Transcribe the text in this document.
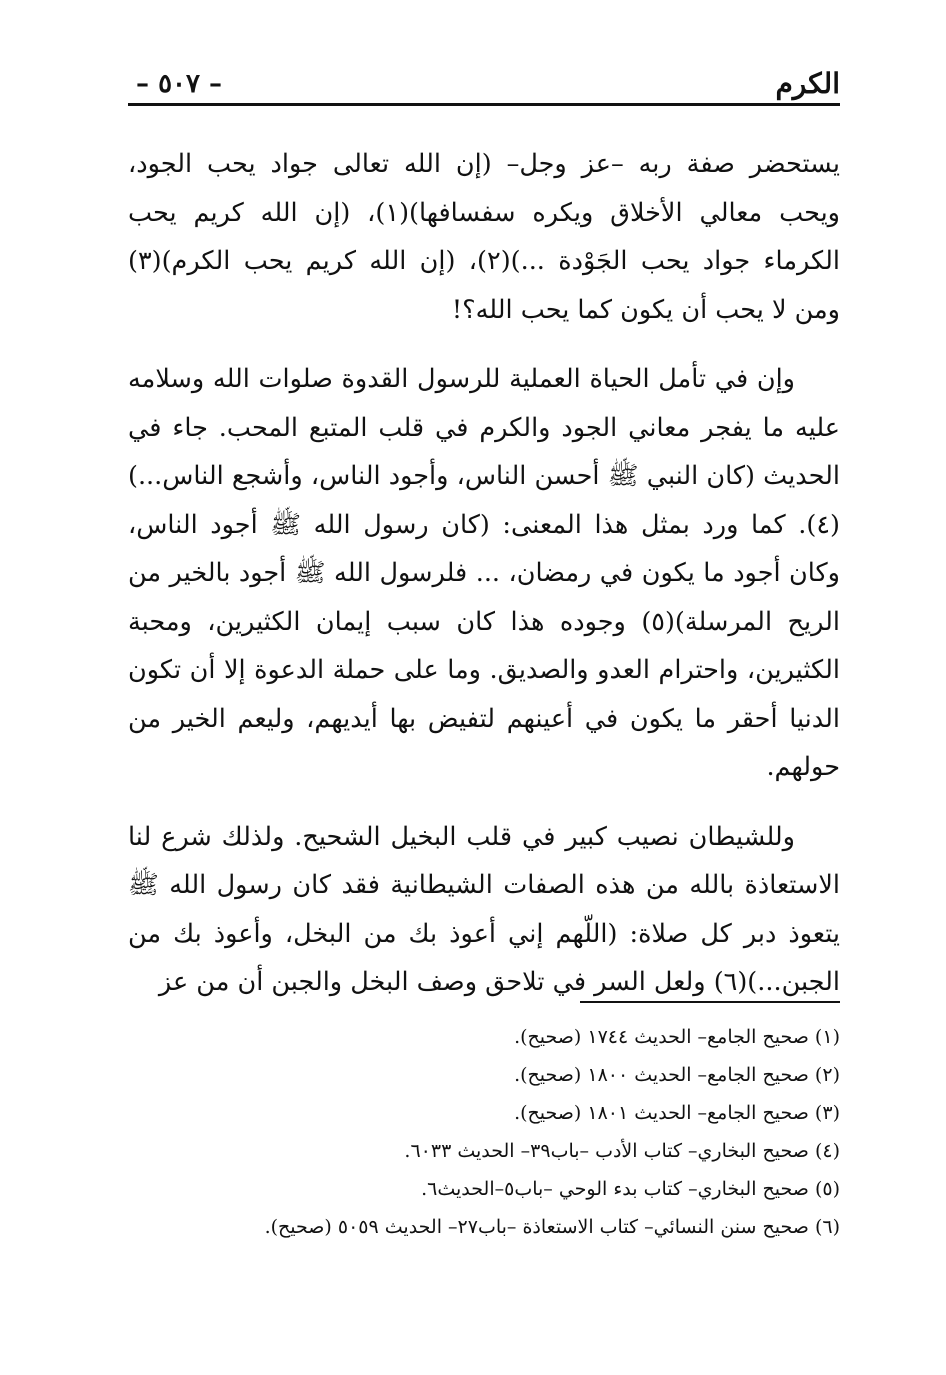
الكرم
– ٥٠٧ –

يستحضر صفة ربه –عز وجل– (إن الله تعالى جواد يحب الجود، ويحب معالي الأخلاق ويكره سفسافها)(١)، (إن الله كريم يحب الكرماء جواد يحب الجَوْدة ...)(٢)، (إن الله كريم يحب الكرم)(٣) ومن لا يحب أن يكون كما يحب الله؟!

وإن في تأمل الحياة العملية للرسول القدوة صلوات الله وسلامه عليه ما يفجر معاني الجود والكرم في قلب المتبع المحب. جاء في الحديث (كان النبي ﷺ أحسن الناس، وأجود الناس، وأشجع الناس...)(٤). كما ورد بمثل هذا المعنى: (كان رسول الله ﷺ أجود الناس، وكان أجود ما يكون في رمضان، ... فلرسول الله ﷺ أجود بالخير من الريح المرسلة)(٥) وجوده هذا كان سبب إيمان الكثيرين، ومحبة الكثيرين، واحترام العدو والصديق. وما على حملة الدعوة إلا أن تكون الدنيا أحقر ما يكون في أعينهم لتفيض بها أيديهم، وليعم الخير من حولهم.

وللشيطان نصيب كبير في قلب البخيل الشحيح. ولذلك شرع لنا الاستعاذة بالله من هذه الصفات الشيطانية فقد كان رسول الله ﷺ يتعوذ دبر كل صلاة: (اللّهم إني أعوذ بك من البخل، وأعوذ بك من الجبن...)(٦) ولعل السر في تلاحق وصف البخل والجبن أن من عز

(١) صحيح الجامع– الحديث ١٧٤٤ (صحيح).
(٢) صحيح الجامع– الحديث ١٨٠٠ (صحيح).
(٣) صحيح الجامع– الحديث ١٨٠١ (صحيح).
(٤) صحيح البخاري– كتاب الأدب –باب٣٩– الحديث ٦٠٣٣.
(٥) صحيح البخاري– كتاب بدء الوحي –باب٥–الحديث٦.
(٦) صحيح سنن النسائي– كتاب الاستعاذة –باب٢٧– الحديث ٥٠٥٩ (صحيح).
